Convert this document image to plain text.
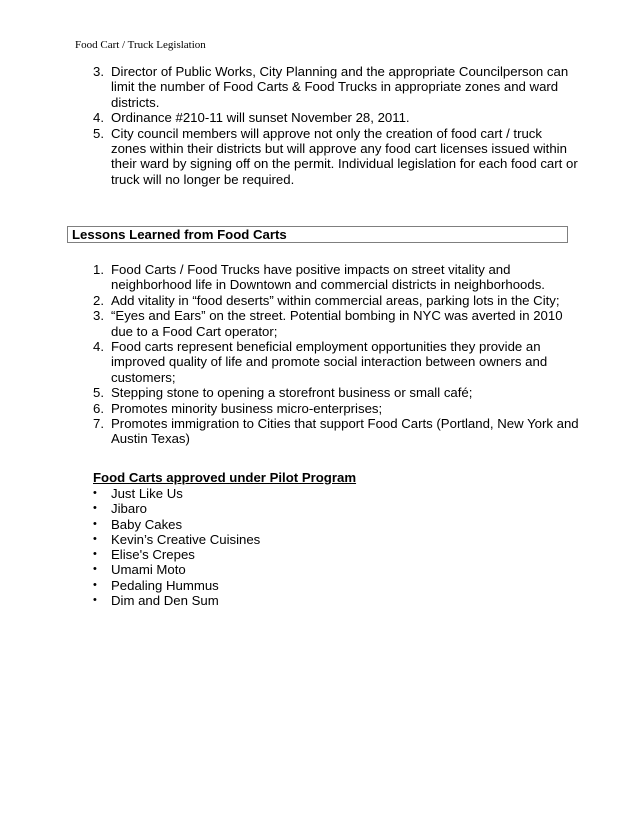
Food Cart / Truck Legislation
3. Director of Public Works, City Planning and the appropriate Councilperson can limit the number of Food Carts & Food Trucks in appropriate zones and ward districts.
4. Ordinance #210-11 will sunset November 28, 2011.
5. City council members will approve not only the creation of food cart / truck zones within their districts but will approve any food cart licenses issued within their ward by signing off on the permit. Individual legislation for each food cart or truck will no longer be required.
Lessons Learned from Food Carts
1. Food Carts / Food Trucks have positive impacts on street vitality and neighborhood life in Downtown and commercial districts in neighborhoods.
2. Add vitality in “food deserts” within commercial areas, parking lots in the City;
3. “Eyes and Ears” on the street. Potential bombing in NYC was averted in 2010 due to a Food Cart operator;
4. Food carts represent beneficial employment opportunities they provide an improved quality of life and promote social interaction between owners and customers;
5. Stepping stone to opening a storefront business or small café;
6. Promotes minority business micro-enterprises;
7. Promotes immigration to Cities that support Food Carts (Portland, New York and Austin Texas)
Food Carts approved under Pilot Program
• Just Like Us
• Jibaro
• Baby Cakes
• Kevin’s Creative Cuisines
• Elise's Crepes
• Umami Moto
• Pedaling Hummus
• Dim and Den Sum
